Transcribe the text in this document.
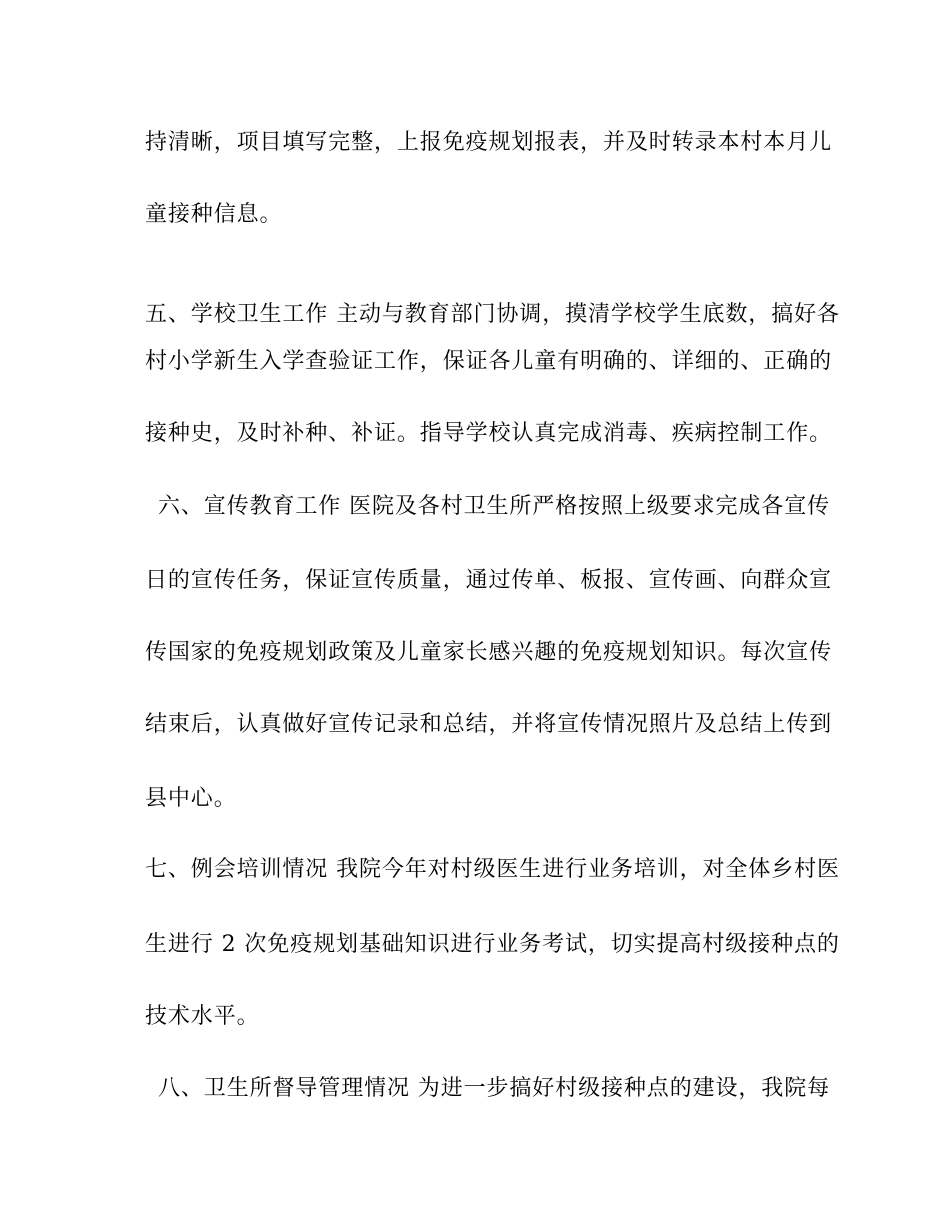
持清晰，项目填写完整，上报免疫规划报表，并及时转录本村本月儿
童接种信息。
五、学校卫生工作 主动与教育部门协调，摸清学校学生底数，搞好各
村小学新生入学查验证工作，保证各儿童有明确的、详细的、正确的
接种史，及时补种、补证。指导学校认真完成消毒、疾病控制工作。
六、宣传教育工作 医院及各村卫生所严格按照上级要求完成各宣传
日的宣传任务，保证宣传质量，通过传单、板报、宣传画、向群众宣
传国家的免疫规划政策及儿童家长感兴趣的免疫规划知识。每次宣传
结束后，认真做好宣传记录和总结，并将宣传情况照片及总结上传到
县中心。
七、例会培训情况 我院今年对村级医生进行业务培训，对全体乡村医
生进行 2 次免疫规划基础知识进行业务考试，切实提高村级接种点的
技术水平。
八、卫生所督导管理情况 为进一步搞好村级接种点的建设，我院每
